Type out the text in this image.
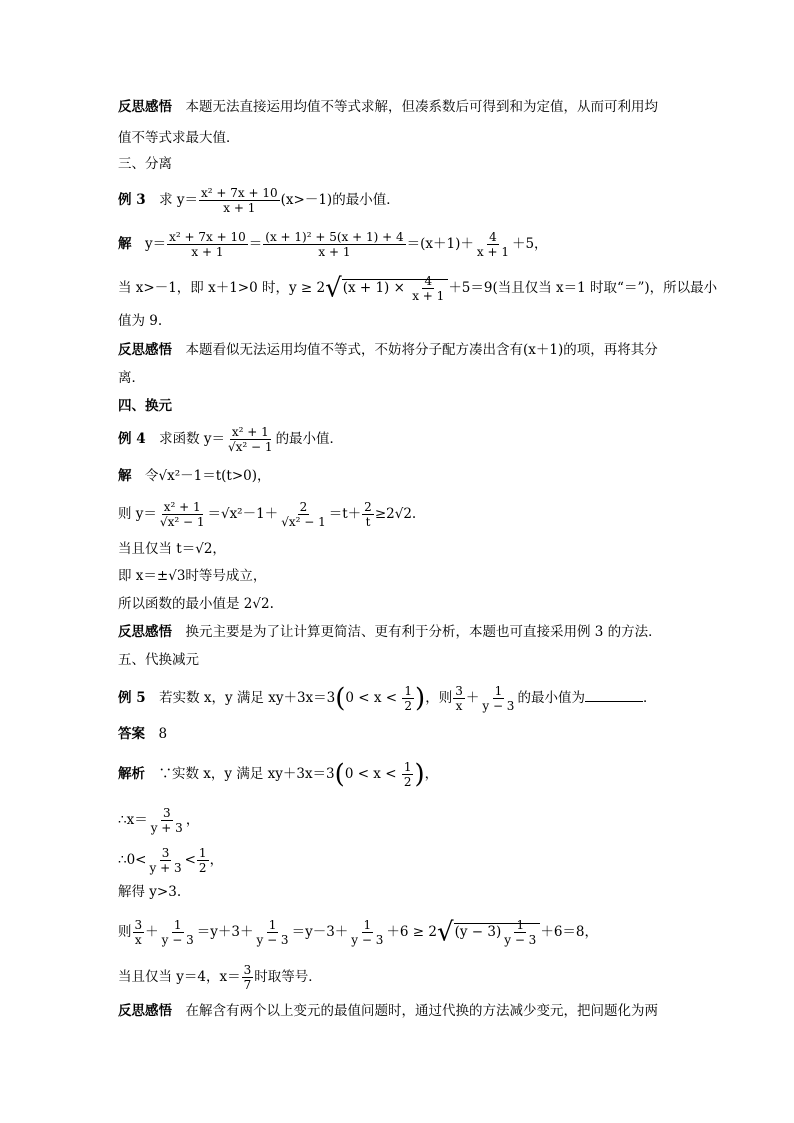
反思感悟　本题无法直接运用均值不等式求解，但凑系数后可得到和为定值，从而可利用均
值不等式求最大值．
三、分离
例 3　求 $y= \frac{\text{x² + 7x + 10}}{x + 1} (x>-1)$的最小值．
解　$y= \frac{\text{x² + 7x + 10}}{x + 1} = \frac{\text{(x + 1)² + 5(x + 1) + 4}}{x + 1} =(x+1)+ \frac{4}{x + 1} +5$，
当 x>－1，即 x＋1>0 时，$y \ge 2√(x + 1) \times \frac{4}{x + 1} +5=9$(当且仅当 x＝1 时取“＝”)，所以最小
值为 9.
反思感悟　本题看似无法运用均值不等式，不妨将分子配方凑出含有(x＋1)的项，再将其分
离．
四、换元
例 4　求函数 $y= \frac{\text{x² + 1}}{\text{√x² − 1}}$ 的最小值．
解　令√x²－1＝t(t>0)，
则 $y= \frac{\text{x² + 1}}{\text{√x² − 1}} =√x^2-1+ \frac{2}{\text{√x² − 1}} =t+ \frac{2}{t} \ge 2√2$.
当且仅当 t＝√2，
即 x＝±√3时等号成立，
所以函数的最小值是 2√2.
反思感悟　换元主要是为了让计算更简洁、更有利于分析，本题也可直接采用例 3 的方法．
五、代换减元
例 5　若实数 x，y 满足 $xy+3x=3(0 < x < \frac{1}{2}$ )，则 $\frac{3}{x} + \frac{1}{y - 3}$ 的最小值为	．
答案　8
解析　∵实数 x，y 满足 $xy+3x=3(0 < x < \frac{1}{2}$ )，
∴x＝ $\frac{3}{y + 3}$ ，
∴0< $\frac{3}{y + 3} < \frac{1}{2}$ ，
解得 y>3.
则 $\frac{3}{x} + \frac{1}{y - 3} =y+3+ \frac{1}{y - 3} =y-3+ \frac{1}{y - 3} +6 \ge 2√(y - 3) \frac{1}{y - 3} +6=8$，
当且仅当 y＝4，$x= \frac{3}{7}$ 时取等号．
反思感悟　在解含有两个以上变元的最值问题时，通过代换的方法减少变元，把问题化为两
